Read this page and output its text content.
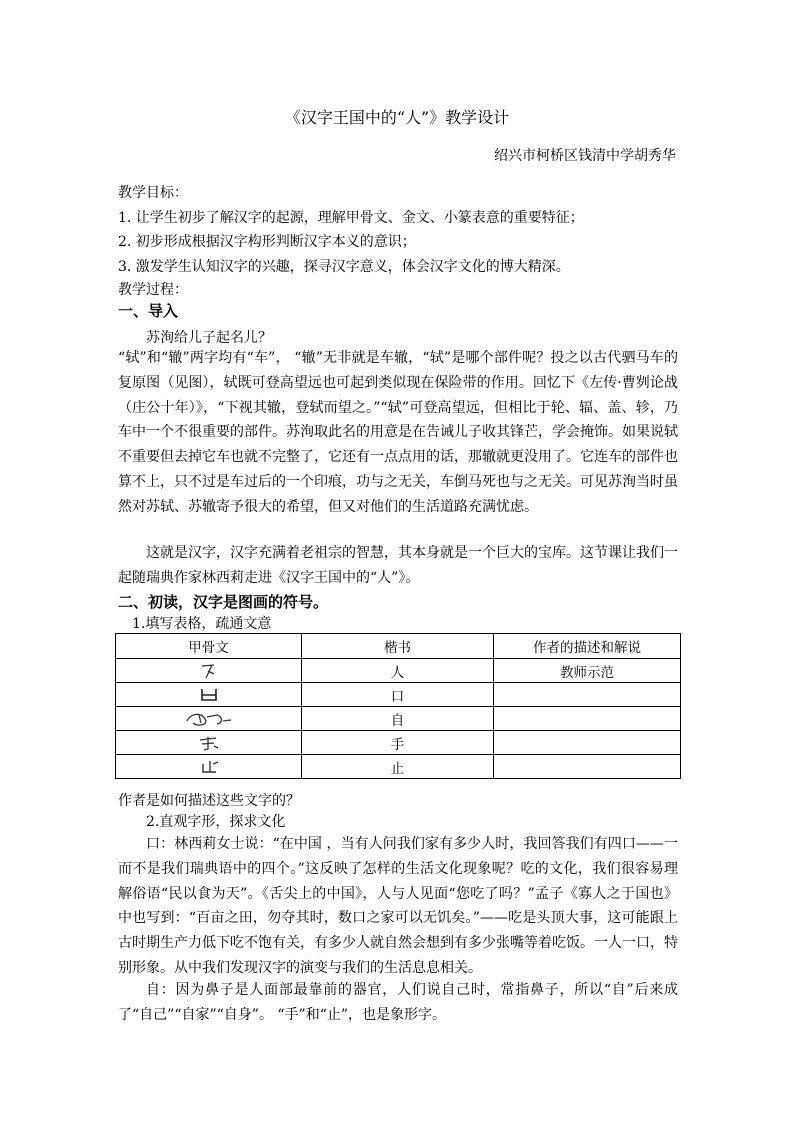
《汉字王国中的“人”》教学设计
绍兴市柯桥区钱清中学胡秀华
教学目标：
1. 让学生初步了解汉字的起源，理解甲骨文、金文、小篆表意的重要特征；
2. 初步形成根据汉字构形判断汉字本义的意识；
3. 激发学生认知汉字的兴趣，探寻汉字意义，体会汉字文化的博大精深。
教学过程：
一、导入
苏洵给儿子起名儿？

“轼”和“辙”两字均有“车”， “辙”无非就是车辙，“轼”是哪个部件呢？投之以古代驷马车的复原图（见图），轼既可登高望远也可起到类似现在保险带的作用。回忆下《左传·曹刿论战（庄公十年）》，“下视其辙，登轼而望之。”“轼”可登高望远，但相比于轮、辐、盖、轸，乃车中一个不很重要的部件。苏洵取此名的用意是在告诫儿子收其锋芒，学会掩饰。如果说轼不重要但去掉它车也就不完整了，它还有一点点用的话，那辙就更没用了。它连车的部件也算不上，只不过是车过后的一个印痕，功与之无关，车倒马死也与之无关。可见苏洵当时虽然对苏轼、苏辙寄予很大的希望，但又对他们的生活道路充满忧虑。

这就是汉字，汉字充满着老祖宗的智慧，其本身就是一个巨大的宝库。这节课让我们一起随瑞典作家林西莉走进《汉字王国中的“人”》。

二、初读，汉字是图画的符号。
1.填写表格，疏通文意
甲骨文	楷书	作者的描述和解说

	人	教师示范

	口	

	自	

	手	

	止	
作者是如何描述这些文字的？
2.直观字形，探求文化

口：林西莉女士说：“在中国 ，当有人问我们家有多少人时，我回答我们有四口——一而不是我们瑞典语中的四个。”这反映了怎样的生活文化现象呢？吃的文化，我们很容易理解俗语“民以食为天”。《舌尖上的中国》，人与人见面“您吃了吗？”孟子《寡人之于国也》中也写到：“百亩之田，勿夺其时，数口之家可以无饥矣。”——吃是头顶大事，这可能跟上古时期生产力低下吃不饱有关，有多少人就自然会想到有多少张嘴等着吃饭。一人一口，特别形象。从中我们发现汉字的演变与我们的生活息息相关。

自：因为鼻子是人面部最靠前的器官，人们说自己时，常指鼻子，所以“自”后来成了“自己”“自家”“自身”。 “手”和“止”，也是象形字。
